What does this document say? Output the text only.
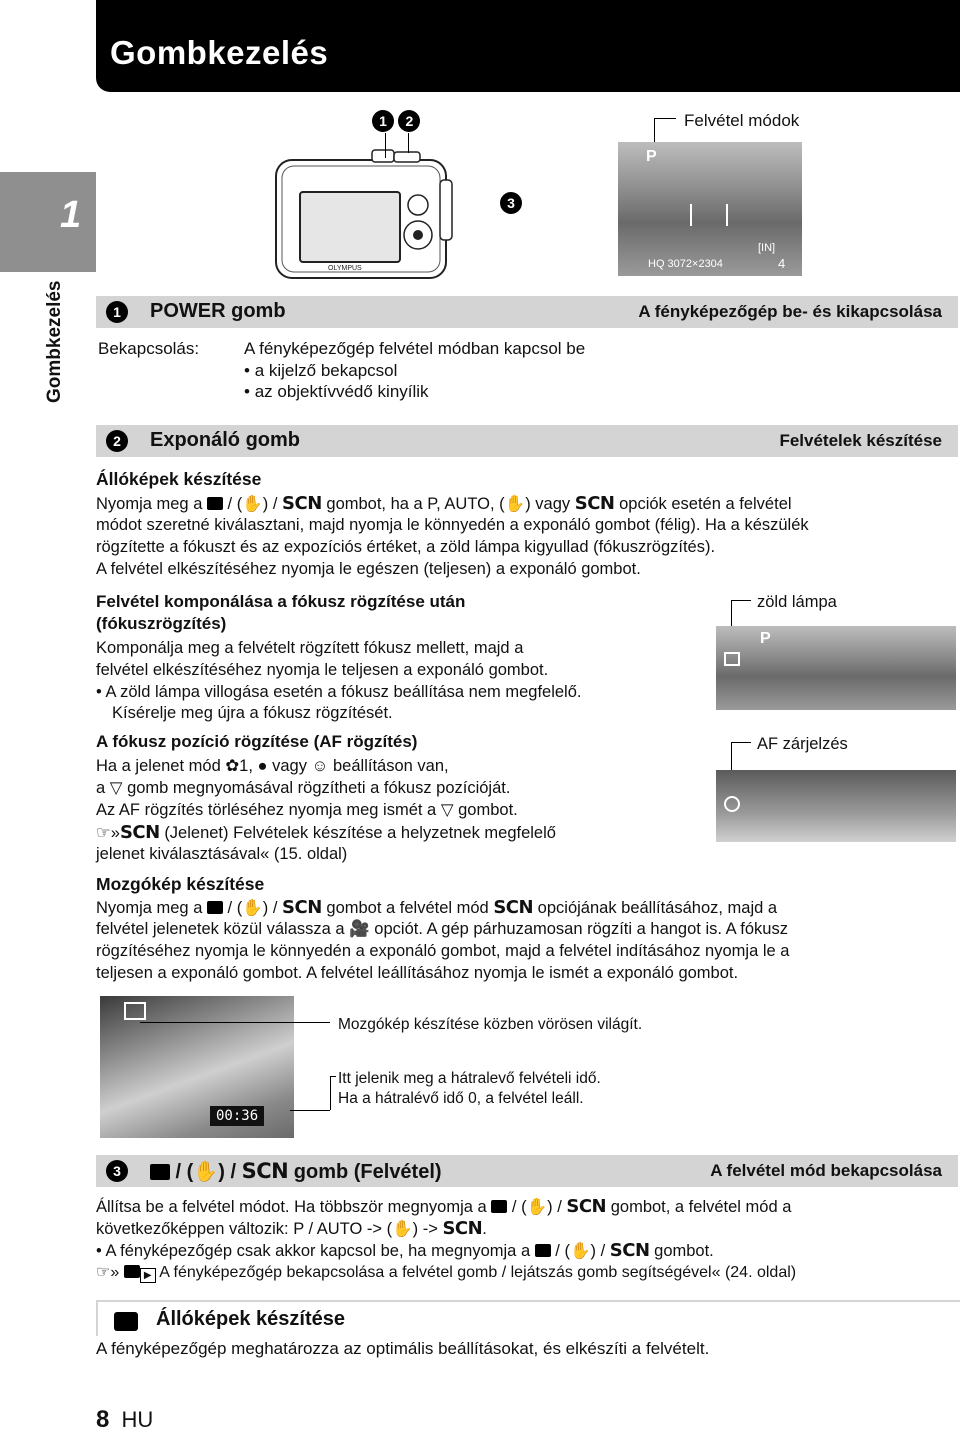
Gombkezelés
1
Gombkezelés
OLYMPUS
1 2
3
Felvétel módok
P
[IN]
HQ 3072×2304	4
1	POWER gomb	A fényképezőgép be- és kikapcsolása
Bekapcsolás:	A fényképezőgép felvétel módban kapcsol be
• a kijelző bekapcsol
• az objektívvédő kinyílik
2	Exponáló gomb	Felvételek készítése
Állóképek készítése
Nyomja meg a  / (✋) / SCN gombot, ha a P, AUTO, (✋) vagy SCN opciók esetén a felvétel
módot szeretné kiválasztani, majd nyomja le könnyedén a exponáló gombot (félig). Ha a készülék
rögzítette a fókuszt és az expozíciós értéket, a zöld lámpa kigyullad (fókuszrögzítés).
A felvétel elkészítéséhez nyomja le egészen (teljesen) a exponáló gombot.
Felvétel komponálása a fókusz rögzítése után
(fókuszrögzítés)
Komponálja meg a felvételt rögzített fókusz mellett, majd a
felvétel elkészítéséhez nyomja le teljesen a exponáló gombot.
• A zöld lámpa villogása esetén a fókusz beállítása nem megfelelő.
Kísérelje meg újra a fókusz rögzítését.
zöld lámpa
P
A fókusz pozíció rögzítése (AF rögzítés)
Ha a jelenet mód ✿1, ● vagy ☺ beállításon van,
a ▽ gomb megnyomásával rögzítheti a fókusz pozícióját.
Az AF rögzítés törléséhez nyomja meg ismét a ▽ gombot.
☞»SCN (Jelenet) Felvételek készítése a helyzetnek megfelelő
jelenet kiválasztásával« (15. oldal)
AF zárjelzés
Mozgókép készítése
Nyomja meg a  / (✋) / SCN gombot a felvétel mód SCN opciójának beállításához, majd a
felvétel jelenetek közül válassza a 🎥 opciót. A gép párhuzamosan rögzíti a hangot is. A fókusz
rögzítéséhez nyomja le könnyedén a exponáló gombot, majd a felvétel indításához nyomja le a
teljesen a exponáló gombot. A felvétel leállításához nyomja le ismét a exponáló gombot.
00:36
Mozgókép készítése közben vörösen világít.
Itt jelenik meg a hátralevő felvételi idő.
Ha a hátralévő idő 0, a felvétel leáll.
3	/ (✋) / SCN gomb (Felvétel)	A felvétel mód bekapcsolása
Állítsa be a felvétel módot. Ha többször megnyomja a  / (✋) / SCN gombot, a felvétel mód a
következőképpen változik: P / AUTO -> (✋) -> SCN.
• A fényképezőgép csak akkor kapcsol be, ha megnyomja a  / (✋) / SCN gombot.
☞» ▶ A fényképezőgép bekapcsolása a felvétel gomb / lejátszás gomb segítségével« (24. oldal)
Állóképek készítése
A fényképezőgép meghatározza az optimális beállításokat, és elkészíti a felvételt.
8 HU
